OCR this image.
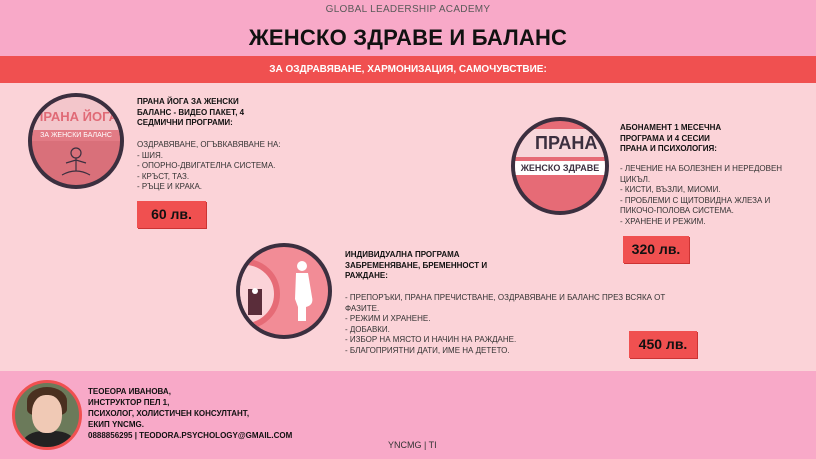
GLOBAL LEADERSHIP ACADEMY
ЖЕНСКО ЗДРАВЕ И БАЛАНС
ЗА ОЗДРАВЯВАНЕ, ХАРМОНИЗАЦИЯ, САМОЧУВСТВИЕ:
ПРАНА ЙОГА
ЗА ЖЕНСКИ БАЛАНС
ПРАНА ЙОГА ЗА ЖЕНСКИ
БАЛАНС - ВИДЕО ПАКЕТ, 4
СЕДМИЧНИ ПРОГРАМИ:
ОЗДРАВЯВАНЕ, ОГЪВКАВЯВАНЕ НА:
- ШИЯ.
- ОПОРНО-ДВИГАТЕЛНА СИСТЕМА.
- КРЪСТ, ТАЗ.
- РЪЦЕ И КРАКА.
60 лв.
ПРАНА
ЖЕНСКО ЗДРАВЕ
АБОНАМЕНТ 1 МЕСЕЧНА
ПРОГРАМА И 4 СЕСИИ
ПРАНА И ПСИХОЛОГИЯ:
- ЛЕЧЕНИЕ НА БОЛЕЗНЕН И НЕРЕДОВЕН
ЦИКЪЛ.
- КИСТИ, ВЪЗЛИ, МИОМИ.
- ПРОБЛЕМИ С ЩИТОВИДНА ЖЛЕЗА И
ПИКОЧО-ПОЛОВА СИСТЕМА.
- ХРАНЕНЕ И РЕЖИМ.
320 лв.
ИНДИВИДУАЛНА ПРОГРАМА
ЗАБРЕМЕНЯВАНЕ, БРЕМЕННОСТ И
РАЖДАНЕ:
- ПРЕПОРЪКИ, ПРАНА ПРЕЧИСТВАНЕ, ОЗДРАВЯВАНЕ И БАЛАНС ПРЕЗ ВСЯКА ОТ
ФАЗИТЕ.
- РЕЖИМ И ХРАНЕНЕ.
- ДОБАВКИ.
- ИЗБОР НА МЯСТО И НАЧИН НА РАЖДАНЕ.
- БЛАГОПРИЯТНИ ДАТИ, ИМЕ НА ДЕТЕТО.	450 лв.
ТЕОЕОРА ИВАНОВА,
ИНСТРУКТОР ПЕЛ 1,
ПСИХОЛОГ, ХОЛИСТИЧЕН КОНСУЛТАНТ,
ЕКИП YNCMG.
0888856295 | TEODORA.PSYCHOLOGY@GMAIL.COM
YNCMG | TI
